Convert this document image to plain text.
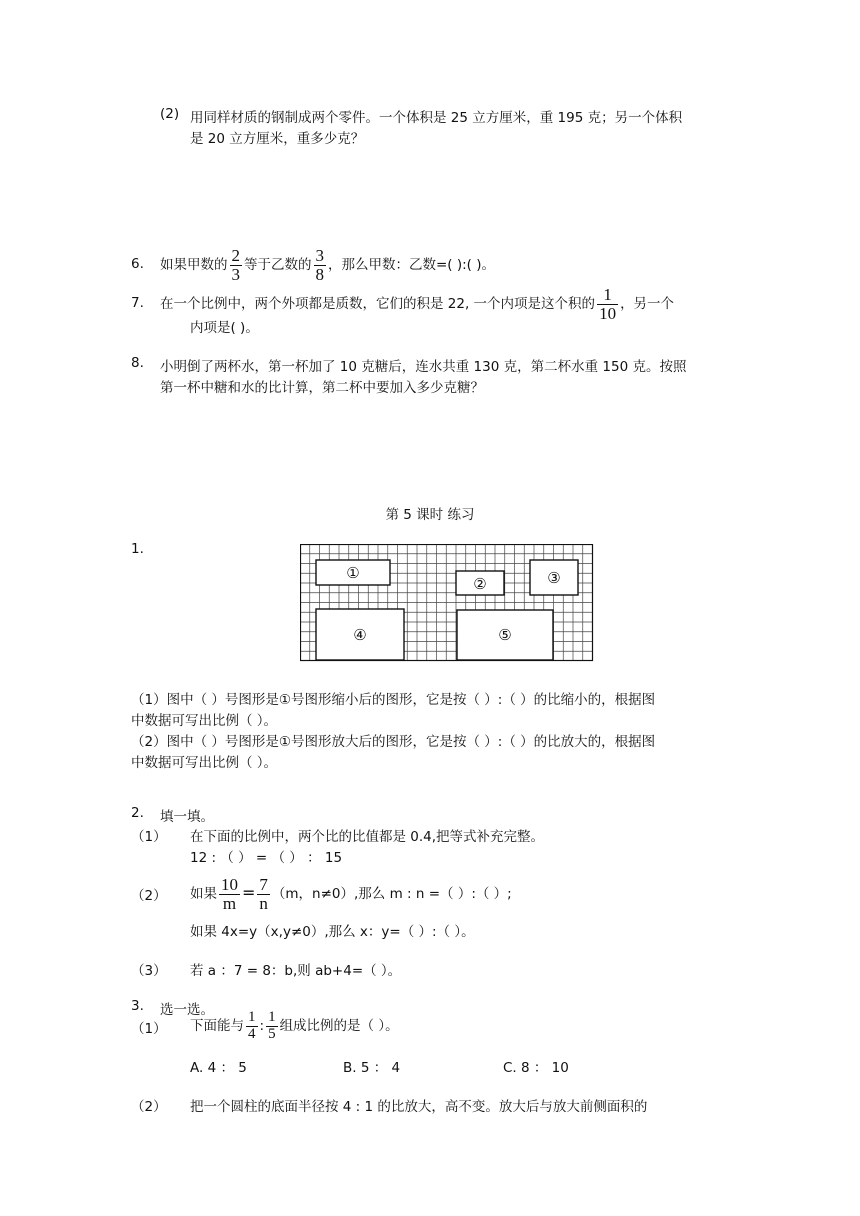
(2) 用同样材质的钢制成两个零件。一个体积是 25 立方厘米，重 195 克；另一个体积
是 20 立方厘米，重多少克？
6. 如果甲数的 $\frac{2}{3}$ 等于乙数的 $\frac{3}{8}$ ，那么甲数：乙数=( ):( )。
7. 在一个比例中，两个外项都是质数，它们的积是 22, 一个内项是这个积的 $\frac{1}{10}$ ，另一个
内项是( )。
8. 小明倒了两杯水，第一杯加了 10 克糖后，连水共重 130 克，第二杯水重 150 克。按照
第一杯中糖和水的比计算，第二杯中要加入多少克糖？
第 5 课时 练习
1.
①
②	③
④	⑤
（1）图中（ ）号图形是①号图形缩小后的图形，它是按（ ）:（ ）的比缩小的，根据图
中数据可写出比例（ ）。
（2）图中（ ）号图形是①号图形放大后的图形，它是按（ ）:（ ）的比放大的，根据图
中数据可写出比例（ ）。
2. 填一填。
（1） 在下面的比例中，两个比的比值都是 0.4,把等式补充完整。
12 : （ ） = （ ） ： 15
（2） 如果 $\frac{10}{m} = \frac{7}{n} (m$，n≠0）,那么 m : n =（ ）:（ ）;
如果 4x=y（x,y≠0）,那么 x：y=（ ）:（ ）。
（3） 若 a ：7 = 8：b,则 ab+4=（ ）。
3. 选一选。
（1） 下面能与 $\frac{1}{4}$ : $\frac{1}{5}$ 组成比例的是（ ）。
A. 4 ： 5	B. 5 ： 4	C. 8 ： 10
（2） 把一个圆柱的底面半径按 4 : 1 的比放大，高不变。放大后与放大前侧面积的
